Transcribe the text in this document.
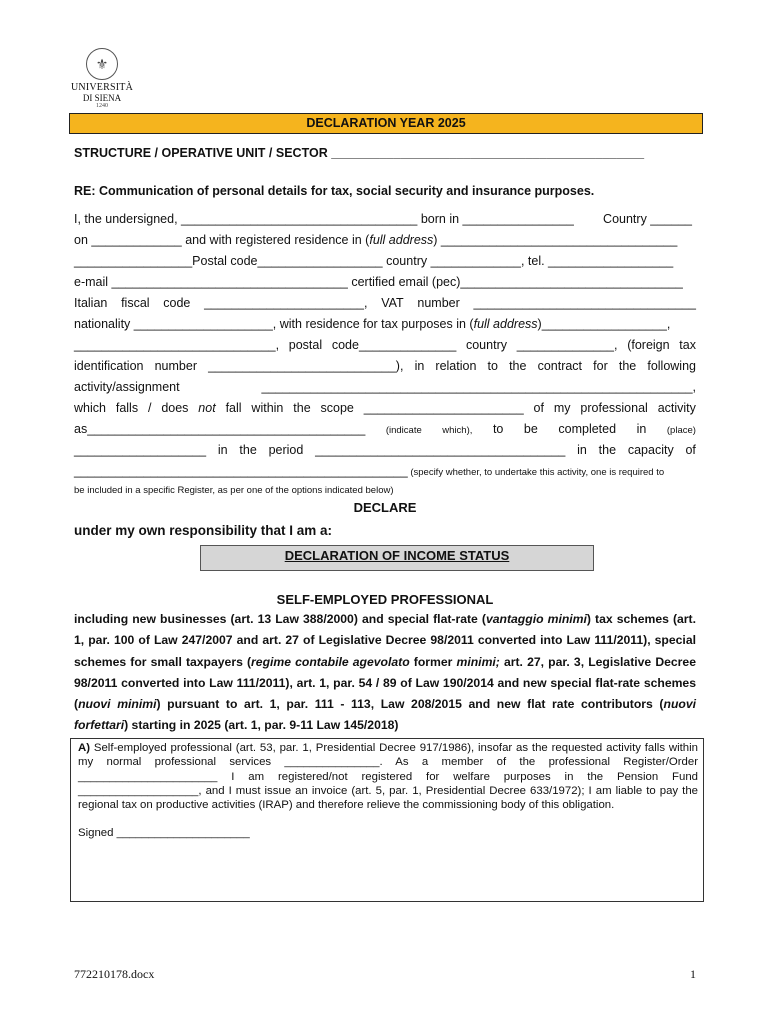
⚜
UNIVERSITÀ
DI SIENA
1240
DECLARATION YEAR 2025
STRUCTURE / OPERATIVE UNIT / SECTOR _____________________________________________
RE: Communication of personal details for tax, social security and insurance purposes.
I, the undersigned, __________________________________ born in ________________ Country ______
on _____________ and with registered residence in (full address) __________________________________
_________________Postal code__________________ country _____________, tel. __________________
e-mail __________________________________ certified email (pec)________________________________
Italian fiscal code _______________________, VAT number ________________________________
nationality ____________________, with residence for tax purposes in (full address)__________________,
_____________________________, postal code______________ country ______________, (foreign tax
identification number ___________________________), in relation to the contract for the following
activity/assignment	______________________________________________________________,
which falls / does not fall within the scope _______________________ of my professional activity
as________________________________________ (indicate which), to be completed in (place)
___________________ in the period ____________________________________ in the capacity of
________________________________________________ (specify whether, to undertake this activity, one is required to
be included in a specific Register, as per one of the options indicated below)
DECLARE
under my own responsibility that I am a:
DECLARATION OF INCOME STATUS
SELF-EMPLOYED PROFESSIONAL
including new businesses (art. 13 Law 388/2000) and special flat-rate (vantaggio minimi) tax schemes (art. 1, par. 100 of Law 247/2007 and art. 27 of Legislative Decree 98/2011 converted into Law 111/2011), special schemes for small taxpayers (regime contabile agevolato former minimi; art. 27, par. 3, Legislative Decree 98/2011 converted into Law 111/2011), art. 1, par. 54 / 89 of Law 190/2014 and new special flat-rate schemes (nuovi minimi) pursuant to art. 1, par. 111 - 113, Law 208/2015 and new flat rate contributors (nuovi forfettari) starting in 2025 (art. 1, par. 9-11 Law 145/2018)
A) Self-employed professional (art. 53, par. 1, Presidential Decree 917/1986), insofar as the requested activity falls within my normal professional services _______________. As a member of the professional Register/Order ______________________ I am registered/not registered for welfare purposes in the Pension Fund ___________________, and I must issue an invoice (art. 5, par. 1, Presidential Decree 633/1972); I am liable to pay the regional tax on productive activities (IRAP) and therefore relieve the commissioning body of this obligation.
Signed _____________________
772210178.docx	1
